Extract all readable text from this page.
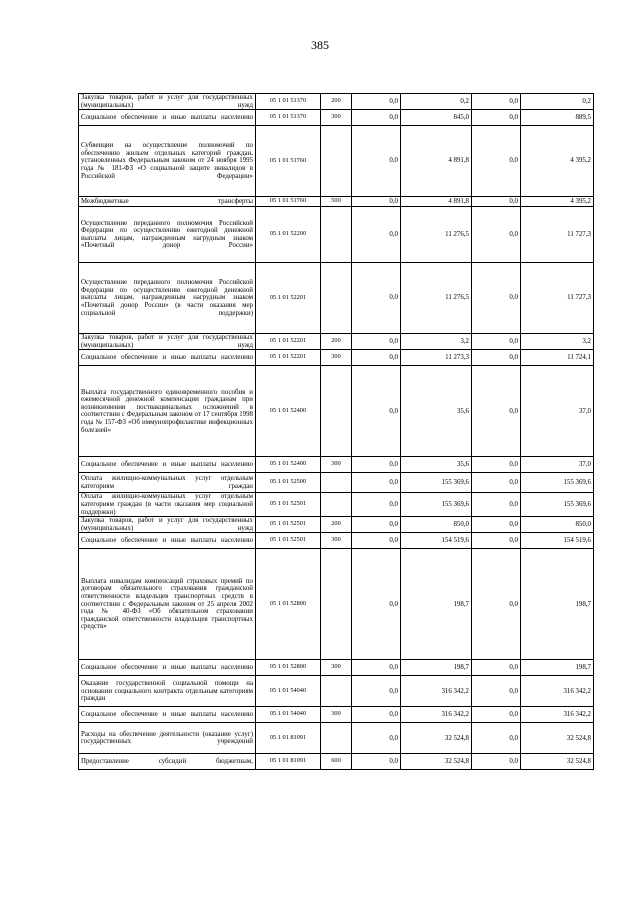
385
Закупка товаров, работ и услуг для государственных (муниципальных) нужд	05 1 01 51370	200	0,0	0,2	0,0	0,2
Социальное обеспечение и иные выплаты населению	05 1 01 51370	300	0,0	845,0	0,0	889,5
Субвенции на осуществление полномочий по обеспечению жильем отдельных категорий граждан, установленных Федеральным законом от 24 ноября 1995 года № 181-ФЗ «О социальной защите инвалидов в Российской Федерации»	05 1 01 51760		0,0	4 891,8	0,0	4 395,2
Межбюджетные трансферты	05 1 01 51760	500	0,0	4 891,8	0,0	4 395,2
Осуществление переданного полномочия Российской Федерации по осуществлению ежегодной денежной выплаты лицам, награжденным нагрудным знаком «Почетный донор России»	05 1 01 52200		0,0	11 276,5	0,0	11 727,3
Осуществление переданного полномочия Российской Федерации по осуществлению ежегодной денежной выплаты лицам, награжденным нагрудным знаком «Почетный донор России» (в части оказания мер социальной поддержки)	05 1 01 52201		0,0	11 276,5	0,0	11 727,3
Закупка товаров, работ и услуг для государственных (муниципальных) нужд	05 1 01 52201	200	0,0	3,2	0,0	3,2
Социальное обеспечение и иные выплаты населению	05 1 01 52201	300	0,0	11 273,3	0,0	11 724,1
Выплата государственного единовременного пособия и ежемесячной денежной компенсации гражданам при возникновении поствакцинальных осложнений в соответствии с Федеральным законом от 17 сентября 1998 года № 157-ФЗ «Об иммунопрофилактике инфекционных болезней»	05 1 01 52400		0,0	35,6	0,0	37,0
Социальное обеспечение и иные выплаты населению	05 1 01 52400	300	0,0	35,6	0,0	37,0
Оплата жилищно-коммунальных услуг отдельным категориям граждан	05 1 01 52500		0,0	155 369,6	0,0	155 369,6
Оплата жилищно-коммунальных услуг отдельным категориям граждан (в части оказания мер социальной поддержки)	05 1 01 52501		0,0	155 369,6	0,0	155 369,6
Закупка товаров, работ и услуг для государственных (муниципальных) нужд	05 1 01 52501	200	0,0	850,0	0,0	850,0
Социальное обеспечение и иные выплаты населению	05 1 01 52501	300	0,0	154 519,6	0,0	154 519,6
Выплата инвалидам компенсаций страховых премий по договорам обязательного страхования гражданской ответственности владельцев транспортных средств в соответствии с Федеральным законом от 25 апреля 2002 года № 40-ФЗ «Об обязательном страховании гражданской ответственности владельцев транспортных средств»	05 1 01 52800		0,0	198,7	0,0	198,7
Социальное обеспечение и иные выплаты населению	05 1 01 52800	300	0,0	198,7	0,0	198,7
Оказание государственной социальной помощи на основании социального контракта отдельным категориям граждан	05 1 01 54040		0,0	316 342,2	0,0	316 342,2
Социальное обеспечение и иные выплаты населению	05 1 01 54040	300	0,0	316 342,2	0,0	316 342,2
Расходы на обеспечение деятельности (оказание услуг) государственных учреждений	05 1 01 81091		0,0	32 524,8	0,0	32 524,8
Предоставление субсидий бюджетным,	05 1 01 81091	600	0,0	32 524,8	0,0	32 524,8
